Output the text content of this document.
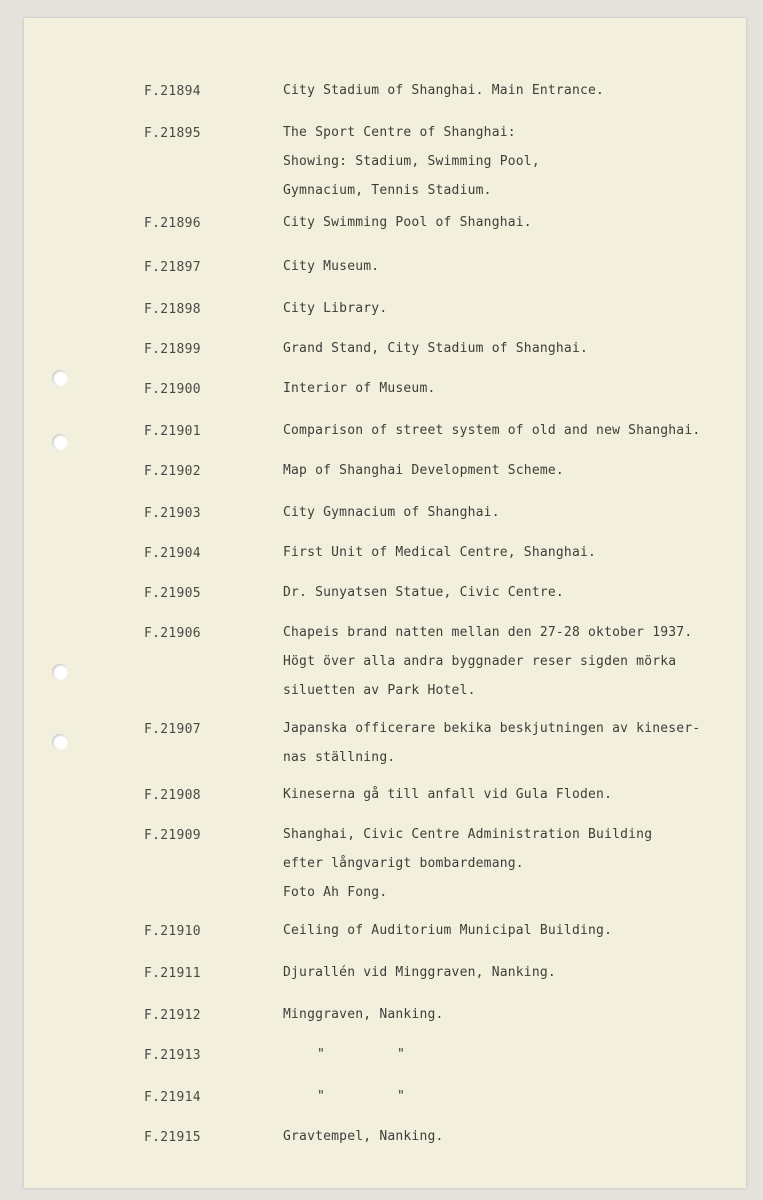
F.21894	City Stadium of Shanghai. Main Entrance.
F.21895	The Sport Centre of Shanghai:
Showing: Stadium, Swimming Pool,
Gymnacium, Tennis Stadium.
F.21896	City Swimming Pool of Shanghai.
F.21897	City Museum.
F.21898	City Library.
F.21899	Grand Stand, City Stadium of Shanghai.
F.21900	Interior of Museum.
F.21901	Comparison of street system of old and new Shanghai.
F.21902	Map of Shanghai Development Scheme.
F.21903	City Gymnacium of Shanghai.
F.21904	First Unit of Medical Centre, Shanghai.
F.21905	Dr. Sunyatsen Statue, Civic Centre.
F.21906	Chapeis brand natten mellan den 27-28 oktober 1937.
Högt över alla andra byggnader reser sigden mörka
siluetten av Park Hotel.
F.21907	Japanska officerare bekika beskjutningen av kineser-
nas ställning.
F.21908	Kineserna gå till anfall vid Gula Floden.
F.21909	Shanghai, Civic Centre Administration Building
efter långvarigt bombardemang.
Foto Ah Fong.
F.21910	Ceiling of Auditorium Municipal Building.
F.21911	Djurallén vid Minggraven, Nanking.
F.21912	Minggraven, Nanking.
F.21913	"	"
F.21914	"	"
F.21915	Gravtempel, Nanking.
